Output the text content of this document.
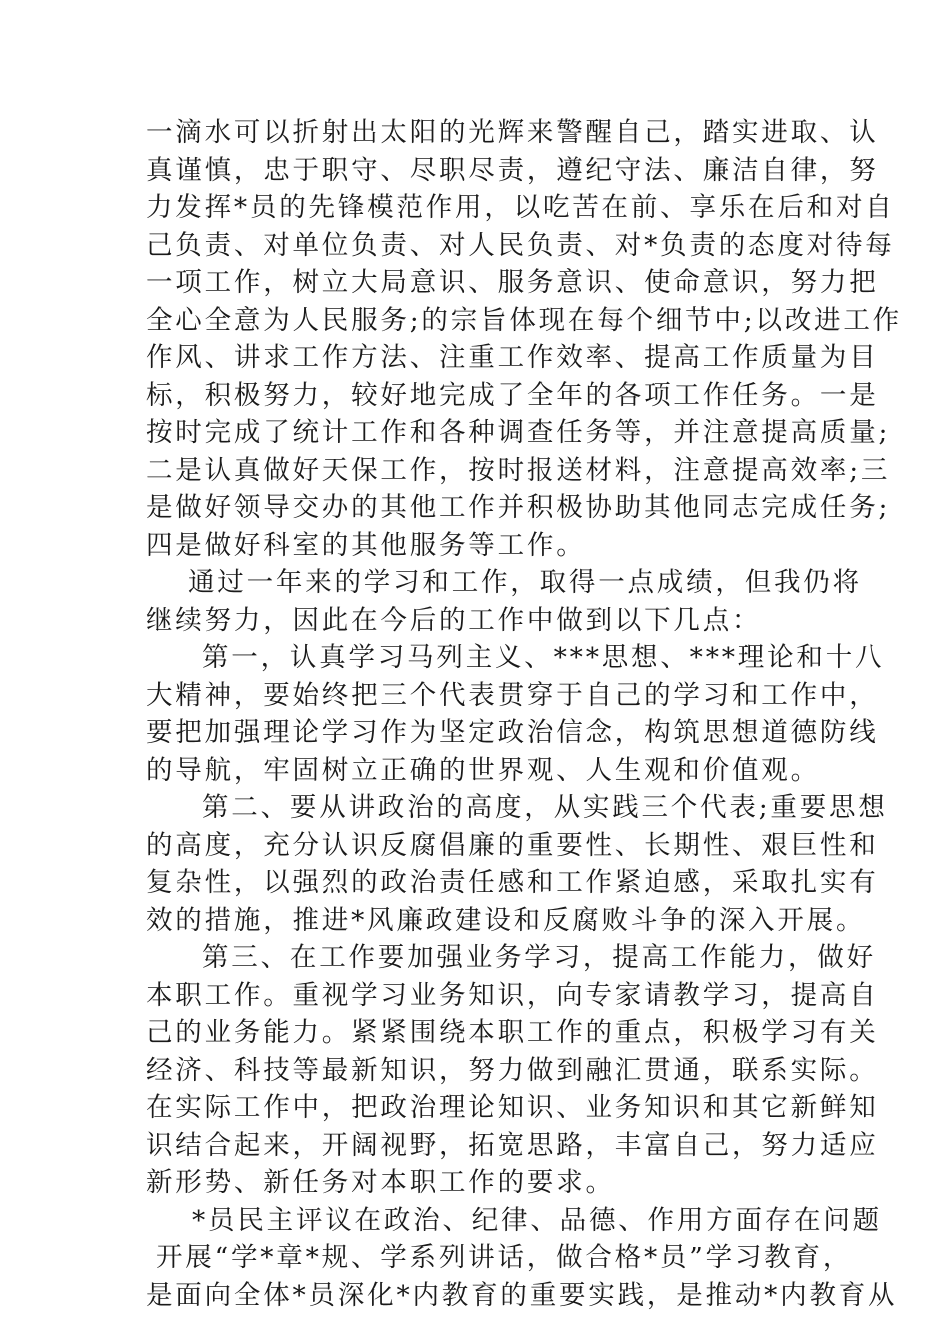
一滴水可以折射出太阳的光辉来警醒自己，踏实进取、认
真谨慎，忠于职守、尽职尽责，遵纪守法、廉洁自律，努
力发挥*员的先锋模范作用，以吃苦在前、享乐在后和对自
己负责、对单位负责、对人民负责、对*负责的态度对待每
一项工作，树立大局意识、服务意识、使命意识，努力把
全心全意为人民服务;的宗旨体现在每个细节中;以改进工作
作风、讲求工作方法、注重工作效率、提高工作质量为目
标，积极努力，较好地完成了全年的各项工作任务。一是
按时完成了统计工作和各种调查任务等，并注意提高质量;
二是认真做好天保工作，按时报送材料，注意提高效率;三
是做好领导交办的其他工作并积极协助其他同志完成任务;
四是做好科室的其他服务等工作。
通过一年来的学习和工作，取得一点成绩，但我仍将
继续努力，因此在今后的工作中做到以下几点：
第一，认真学习马列主义、***思想、***理论和十八
大精神，要始终把三个代表贯穿于自己的学习和工作中，
要把加强理论学习作为坚定政治信念，构筑思想道德防线
的导航，牢固树立正确的世界观、人生观和价值观。
第二、要从讲政治的高度，从实践三个代表;重要思想
的高度，充分认识反腐倡廉的重要性、长期性、艰巨性和
复杂性，以强烈的政治责任感和工作紧迫感，采取扎实有
效的措施，推进*风廉政建设和反腐败斗争的深入开展。
第三、在工作要加强业务学习，提高工作能力，做好
本职工作。重视学习业务知识，向专家请教学习，提高自
己的业务能力。紧紧围绕本职工作的重点，积极学习有关
经济、科技等最新知识，努力做到融汇贯通，联系实际。
在实际工作中，把政治理论知识、业务知识和其它新鲜知
识结合起来，开阔视野，拓宽思路，丰富自己，努力适应
新形势、新任务对本职工作的要求。
*员民主评议在政治、纪律、品德、作用方面存在问题
开展“学*章*规、学系列讲话，做合格*员”学习教育，
是面向全体*员深化*内教育的重要实践，是推动*内教育从
